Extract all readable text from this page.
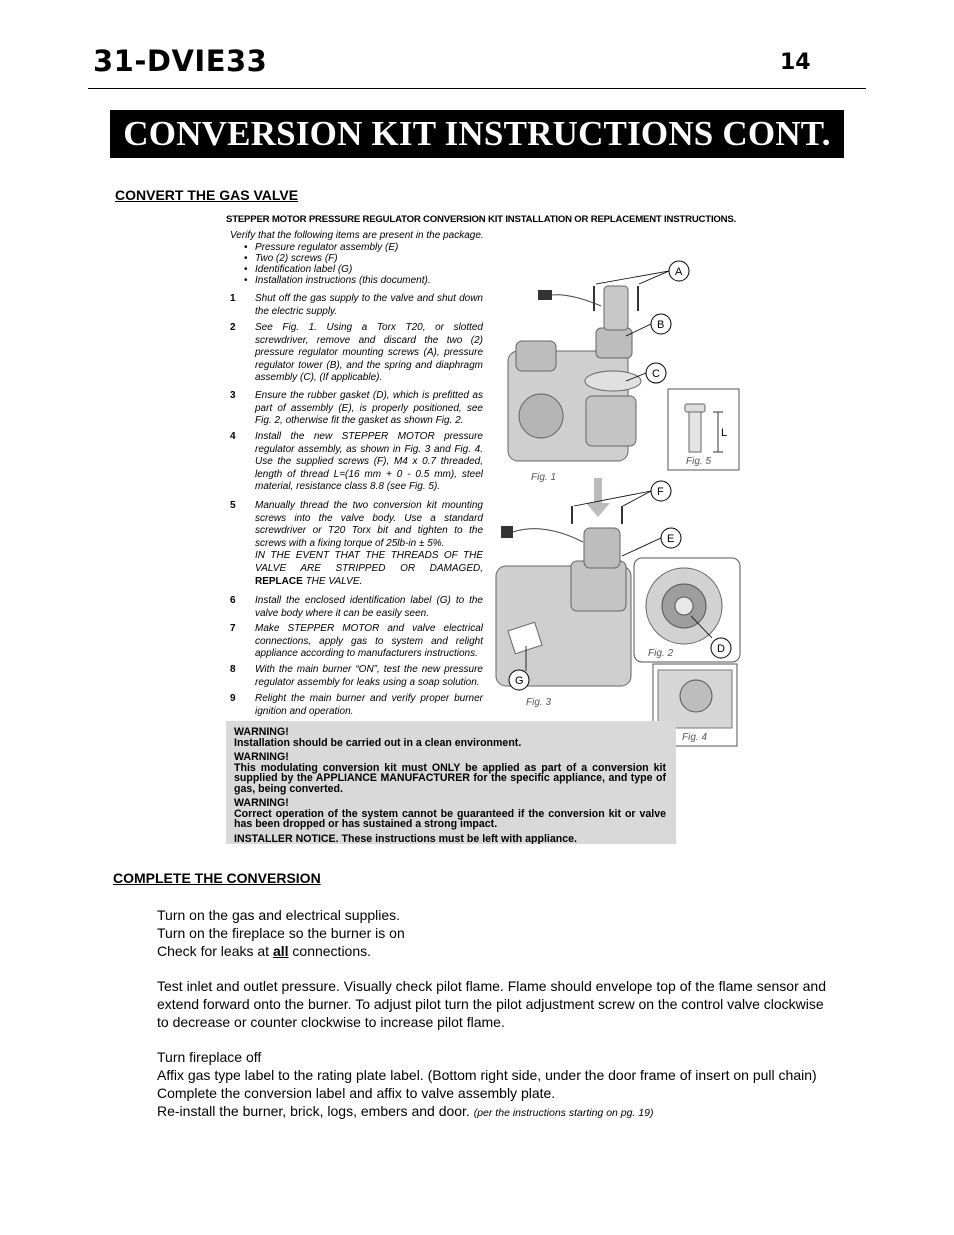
31-DVIE33	14
CONVERSION KIT INSTRUCTIONS CONT.
CONVERT THE GAS VALVE
STEPPER MOTOR PRESSURE REGULATOR CONVERSION KIT INSTALLATION OR REPLACEMENT INSTRUCTIONS.
Verify that the following items are present in the package.
• Pressure regulator assembly (E)
• Two (2) screws (F)
• Identification label (G)
• Installation instructions (this document).
1 Shut off the gas supply to the valve and shut down the electric supply.
2 See Fig. 1. Using a Torx T20, or slotted screwdriver, remove and discard the two (2) pressure regulator mounting screws (A), pressure regulator tower (B), and the spring and diaphragm assembly (C), (If applicable).
3 Ensure the rubber gasket (D), which is prefitted as part of assembly (E), is properly positioned, see Fig. 2, otherwise fit the gasket as shown Fig. 2.
4 Install the new STEPPER MOTOR pressure regulator assembly, as shown in Fig. 3 and Fig. 4. Use the supplied screws (F), M4 x 0.7 threaded, length of thread L=(16 mm + 0 - 0.5 mm), steel material, resistance class 8.8 (see Fig. 5).
5 Manually thread the two conversion kit mounting screws into the valve body. Use a standard screwdriver or T20 Torx bit and tighten to the screws with a fixing torque of 25lb-in ± 5%.
IN THE EVENT THAT THE THREADS OF THE VALVE ARE STRIPPED OR DAMAGED, REPLACE THE VALVE.
6 Install the enclosed identification label (G) to the valve body where it can be easily seen.
7 Make STEPPER MOTOR and valve electrical connections, apply gas to system and relight appliance according to manufacturers instructions.
8 With the main burner “ON”, test the new pressure regulator assembly for leaks using a soap solution.
9 Relight the main burner and verify proper burner ignition and operation.
Fig. 1
Fig. 3
Fig. 2
Fig. 4
L
Fig. 5
A
B
C
D
E
F
G
WARNING!
Installation should be carried out in a clean environment.
WARNING!
This modulating conversion kit must ONLY be applied as part of a conversion kit supplied by the APPLIANCE MANUFACTURER for the specific appliance, and type of gas, being converted.
WARNING!
Correct operation of the system cannot be guaranteed if the conversion kit or valve has been dropped or has sustained a strong impact.
INSTALLER NOTICE. These instructions must be left with appliance.
COMPLETE THE CONVERSION

Turn on the gas and electrical supplies.
Turn on the fireplace so the burner is on
Check for leaks at all connections.

Test inlet and outlet pressure. Visually check pilot flame. Flame should envelope top of the flame sensor and extend forward onto the burner. To adjust pilot turn the pilot adjustment screw on the control valve clockwise to decrease or counter clockwise to increase pilot flame.

Turn fireplace off
Affix gas type label to the rating plate label. (Bottom right side, under the door frame of insert on pull chain)
Complete the conversion label and affix to valve assembly plate.
Re-install the burner, brick, logs, embers and door. (per the instructions starting on pg. 19)
